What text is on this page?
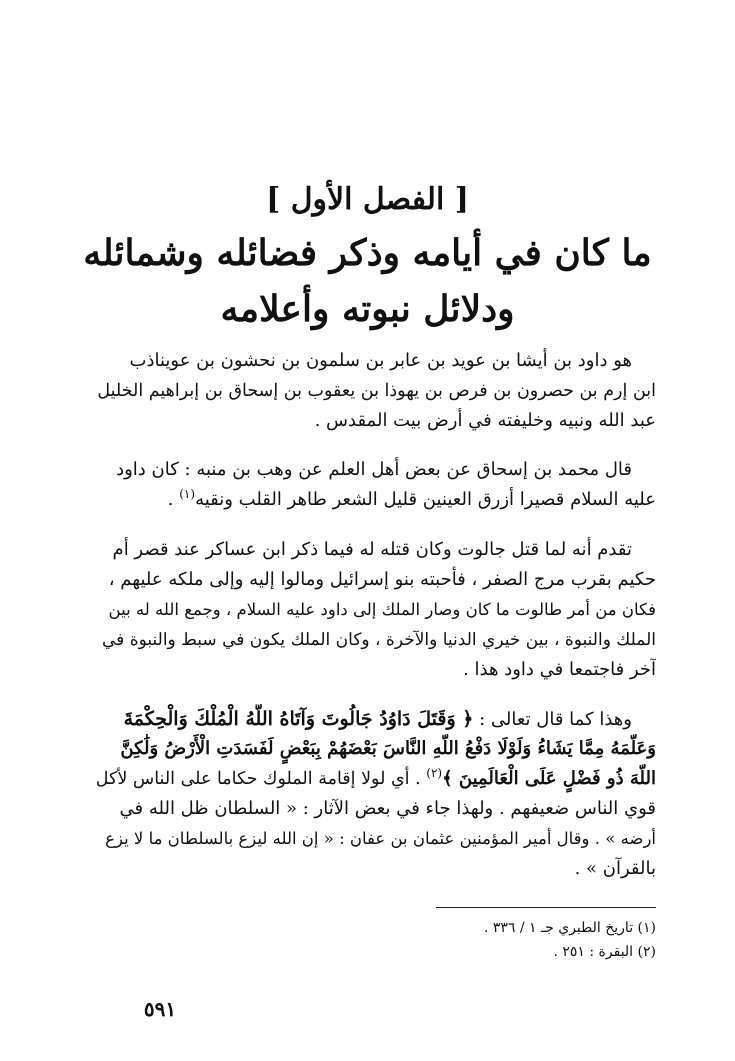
[ الفصل الأول ]
ما كان في أيامه وذكر فضائله وشمائله
ودلائل نبوته وأعلامه
هو داود بن أيشا بن عويد بن عابر بن سلمون بن نحشون بن عويناذب
ابن إرم بن حصرون بن فرص بن يهوذا بن يعقوب بن إسحاق بن إبراهيم الخليل
عبد الله ونبيه وخليفته في أرض بيت المقدس .
قال محمد بن إسحاق عن بعض أهل العلم عن وهب بن منبه : كان داود
عليه السلام قصيرا أزرق العينين قليل الشعر طاهر القلب ونقيه$^{(١)}$ .
تقدم أنه لما قتل جالوت وكان قتله له فيما ذكر ابن عساكر عند قصر أم
حكيم بقرب مرج الصفر ، فأحبته بنو إسرائيل ومالوا إليه وإلى ملكه عليهم ،
فكان من أمر طالوت ما كان وصار الملك إلى داود عليه السلام ، وجمع الله له بين
الملك والنبوة ، بين خيري الدنيا والآخرة ، وكان الملك يكون في سبط والنبوة في
آخر فاجتمعا في داود هذا .
وهذا كما قال تعالى : ﴿ وَقَتَلَ دَاوُدُ جَالُوتَ وَآتَاهُ اللَّهُ الْمُلْكَ وَالْحِكْمَةَ
وَعَلَّمَهُ مِمَّا يَشَاءُ وَلَوْلَا دَفْعُ اللَّهِ النَّاسَ بَعْضَهُمْ بِبَعْضٍ لَفَسَدَتِ الْأَرْضُ وَلَٰكِنَّ
اللَّهَ ذُو فَضْلٍ عَلَى الْعَالَمِينَ ﴾$^{(٢)}$ . أي لولا إقامة الملوك حكاما على الناس لأكل
قوي الناس ضعيفهم . ولهذا جاء في بعض الآثار : « السلطان ظل الله في
أرضه » . وقال أمير المؤمنين عثمان بن عفان : « إن الله ليزع بالسلطان ما لا يزع
بالقرآن » .
(١) تاريخ الطبري جـ ١ / ٣٣٦ .
(٢) البقرة : ٢٥١ .
٥٩١
